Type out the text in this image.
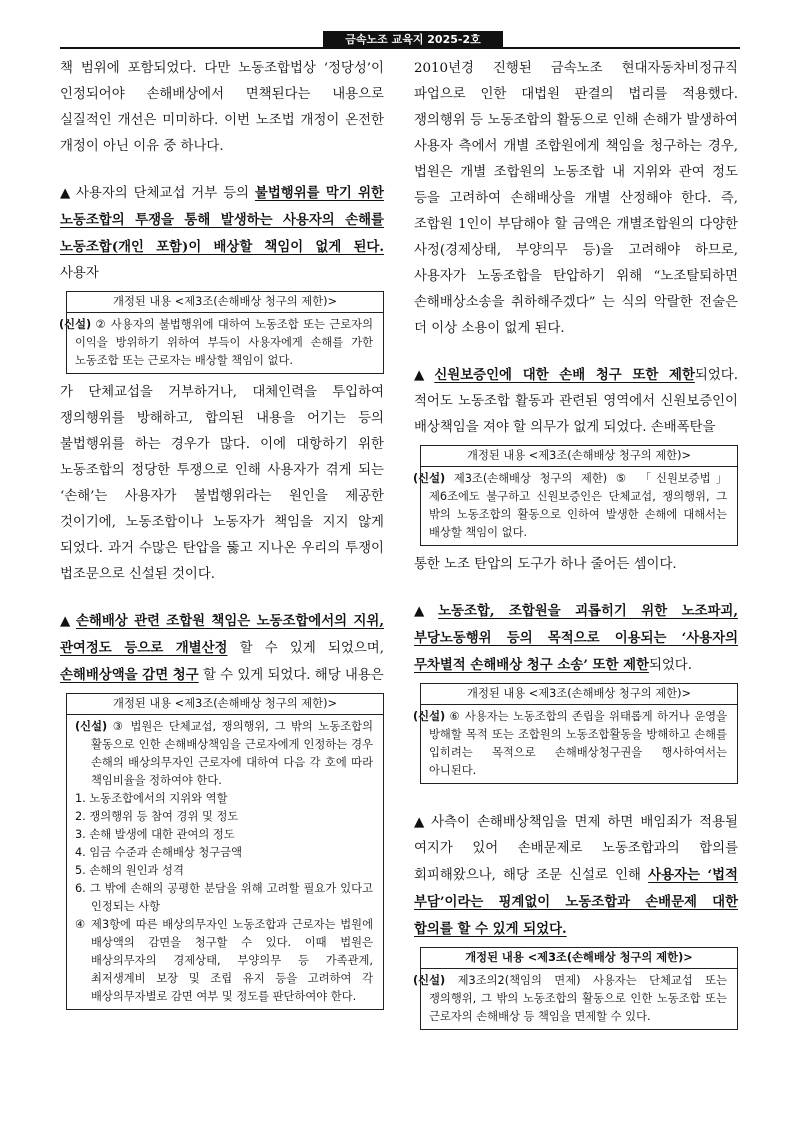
금속노조 교육지 2025-2호 (2025.9.3.)

책 범위에 포함되었다. 다만 노동조합법상 ‘정당성’이 인정되어야 손해배상에서 면책된다는 내용으로 실질적인 개선은 미미하다. 이번 노조법 개정이 온전한 개정이 아닌 이유 중 하나다.

▲ 사용자의 단체교섭 거부 등의 불법행위를 막기 위한 노동조합의 투쟁을 통해 발생하는 사용자의 손해를 노동조합(개인 포함)이 배상할 책임이 없게 된다. 사용자

개정된 내용 <제3조(손해배상 청구의 제한)>
(신설) ② 사용자의 불법행위에 대하여 노동조합 또는 근로자의 이익을 방위하기 위하여 부득이 사용자에게 손해를 가한 노동조합 또는 근로자는 배상할 책임이 없다.

가 단체교섭을 거부하거나, 대체인력을 투입하여 쟁의행위를 방해하고, 합의된 내용을 어기는 등의 불법행위를 하는 경우가 많다. 이에 대항하기 위한 노동조합의 정당한 투쟁으로 인해 사용자가 겪게 되는 ‘손해’는 사용자가 불법행위라는 원인을 제공한 것이기에, 노동조합이나 노동자가 책임을 지지 않게 되었다. 과거 수많은 탄압을 뚫고 지나온 우리의 투쟁이 법조문으로 신설된 것이다.

▲ 손해배상 관련 조합원 책임은 노동조합에서의 지위, 관여정도 등으로 개별산정 할 수 있게 되었으며, 손해배상액을 감면 청구 할 수 있게 되었다. 해당 내용은

개정된 내용 <제3조(손해배상 청구의 제한)>
(신설) ③ 법원은 단체교섭, 쟁의행위, 그 밖의 노동조합의 활동으로 인한 손해배상책임을 근로자에게 인정하는 경우 손해의 배상의무자인 근로자에 대하여 다음 각 호에 따라 책임비율을 정하여야 한다.
1. 노동조합에서의 지위와 역할
2. 쟁의행위 등 참여 경위 및 정도
3. 손해 발생에 대한 관여의 정도
4. 임금 수준과 손해배상 청구금액
5. 손해의 원인과 성격
6. 그 밖에 손해의 공평한 분담을 위해 고려할 필요가 있다고 인정되는 사항
④ 제3항에 따른 배상의무자인 노동조합과 근로자는 법원에 배상액의 감면을 청구할 수 있다. 이때 법원은 배상의무자의 경제상태, 부양의무 등 가족관계, 최저생계비 보장 및 조립 유지 등을 고려하여 각 배상의무자별로 감면 여부 및 정도를 판단하여야 한다.

2010년경 진행된 금속노조 현대자동차비정규직 파업으로 인한 대법원 판결의 법리를 적용했다. 쟁의행위 등 노동조합의 활동으로 인해 손해가 발생하여 사용자 측에서 개별 조합원에게 책임을 청구하는 경우, 법원은 개별 조합원의 노동조합 내 지위와 관여 정도 등을 고려하여 손해배상을 개별 산정해야 한다. 즉, 조합원 1인이 부담해야 할 금액은 개별조합원의 다양한 사정(경제상태, 부양의무 등)을 고려해야 하므로, 사용자가 노동조합을 탄압하기 위해 “노조탈퇴하면 손해배상소송을 취하해주겠다” 는 식의 악랄한 전술은 더 이상 소용이 없게 된다.

▲ 신원보증인에 대한 손배 청구 또한 제한되었다. 적어도 노동조합 활동과 관련된 영역에서 신원보증인이 배상책임을 져야 할 의무가 없게 되었다. 손배폭탄을

개정된 내용 <제3조(손해배상 청구의 제한)>
(신설) 제3조(손해배상 청구의 제한) ⑤ 「신원보증법」 제6조에도 불구하고 신원보증인은 단체교섭, 쟁의행위, 그 밖의 노동조합의 활동으로 인하여 발생한 손해에 대해서는 배상할 책임이 없다.

통한 노조 탄압의 도구가 하나 줄어든 셈이다.

▲ 노동조합, 조합원을 괴롭히기 위한 노조파괴, 부당노동행위 등의 목적으로 이용되는 ‘사용자의 무차별적 손해배상 청구 소송’ 또한 제한되었다.

개정된 내용 <제3조(손해배상 청구의 제한)>
(신설) ⑥ 사용자는 노동조합의 존립을 위태롭게 하거나 운영을 방해할 목적 또는 조합원의 노동조합활동을 방해하고 손해를 입히려는 목적으로 손해배상청구권을 행사하여서는 아니된다.

▲ 사측이 손해배상책임을 면제 하면 배임죄가 적용될 여지가 있어 손배문제로 노동조합과의 합의를 회피해왔으나, 해당 조문 신설로 인해 사용자는 ‘법적 부담’이라는 핑계없이 노동조합과 손배문제 대한 합의를 할 수 있게 되었다.

개정된 내용 <제3조(손해배상 청구의 제한)>
(신설) 제3조의2(책임의 면제) 사용자는 단체교섭 또는 쟁의행위, 그 밖의 노동조합의 활동으로 인한 노동조합 또는 근로자의 손해배상 등 책임을 면제할 수 있다.
